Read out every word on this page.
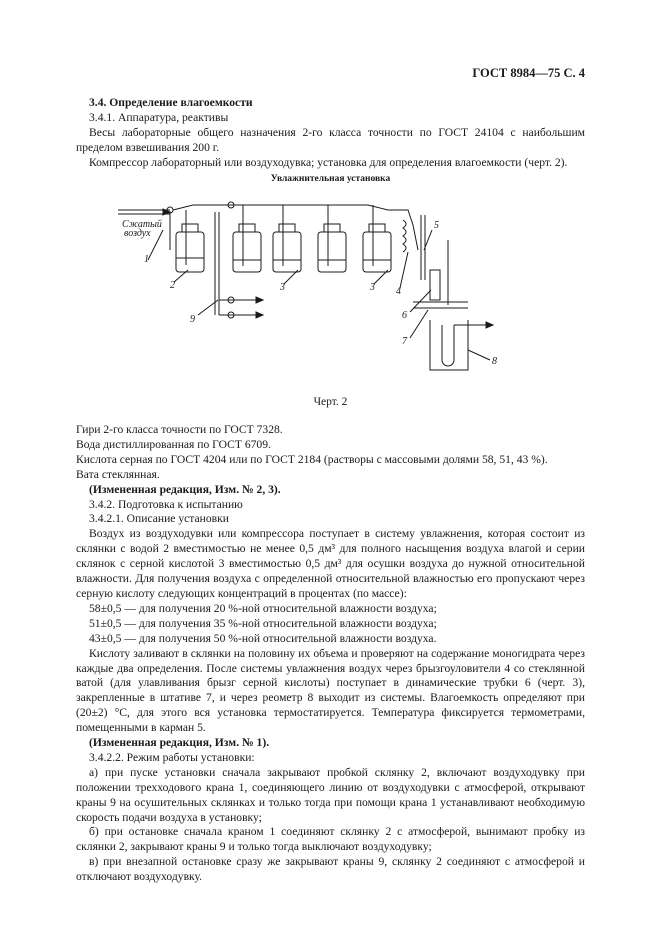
ГОСТ 8984—75 С. 4

3.4. Определение влагоемкости

3.4.1. Аппаратура, реактивы

Весы лабораторные общего назначения 2-го класса точности по ГОСТ 24104 с наибольшим пределом взвешивания 200 г.

Компрессор лабораторный или воздуходувка; установка для определения влагоемкости (черт. 2).

Увлажнительная установка
Сжатый
воздух
1
2	3	3 4
5
6
7
8
9
Черт. 2

Гири 2-го класса точности по ГОСТ 7328.

Вода дистиллированная по ГОСТ 6709.

Кислота серная по ГОСТ 4204 или по ГОСТ 2184 (растворы с массовыми долями 58, 51, 43 %).

Вата стеклянная.

(Измененная редакция, Изм. № 2, 3).

3.4.2. Подготовка к испытанию

3.4.2.1. Описание установки

Воздух из воздуходувки или компрессора поступает в систему увлажнения, которая состоит из склянки с водой 2 вместимостью не менее 0,5 дм³ для полного насыщения воздуха влагой и серии склянок с серной кислотой 3 вместимостью 0,5 дм³ для осушки воздуха до нужной относительной влажности. Для получения воздуха с определенной относительной влажностью его пропускают через серную кислоту следующих концентраций в процентах (по массе):

58±0,5 — для получения 20 %-ной относительной влажности воздуха;

51±0,5 — для получения 35 %-ной относительной влажности воздуха;

43±0,5 — для получения 50 %-ной относительной влажности воздуха.

Кислоту заливают в склянки на половину их объема и проверяют на содержание моногидрата через каждые два определения. После системы увлажнения воздух через брызгоуловители 4 со стеклянной ватой (для улавливания брызг серной кислоты) поступает в динамические трубки 6 (черт. 3), закрепленные в штативе 7, и через реометр 8 выходит из системы. Влагоемкость определяют при (20±2) °С, для этого вся установка термостатируется. Температура фиксируется термометрами, помещенными в карман 5.

(Измененная редакция, Изм. № 1).

3.4.2.2. Режим работы установки:

а) при пуске установки сначала закрывают пробкой склянку 2, включают воздуходувку при положении трехходового крана 1, соединяющего линию от воздуходувки с атмосферой, открывают краны 9 на осушительных склянках и только тогда при помощи крана 1 устанавливают необходимую скорость подачи воздуха в установку;

б) при остановке сначала краном 1 соединяют склянку 2 с атмосферой, вынимают пробку из склянки 2, закрывают краны 9 и только тогда выключают воздуходувку;

в) при внезапной остановке сразу же закрывают краны 9, склянку 2 соединяют с атмосферой и отключают воздуходувку.
